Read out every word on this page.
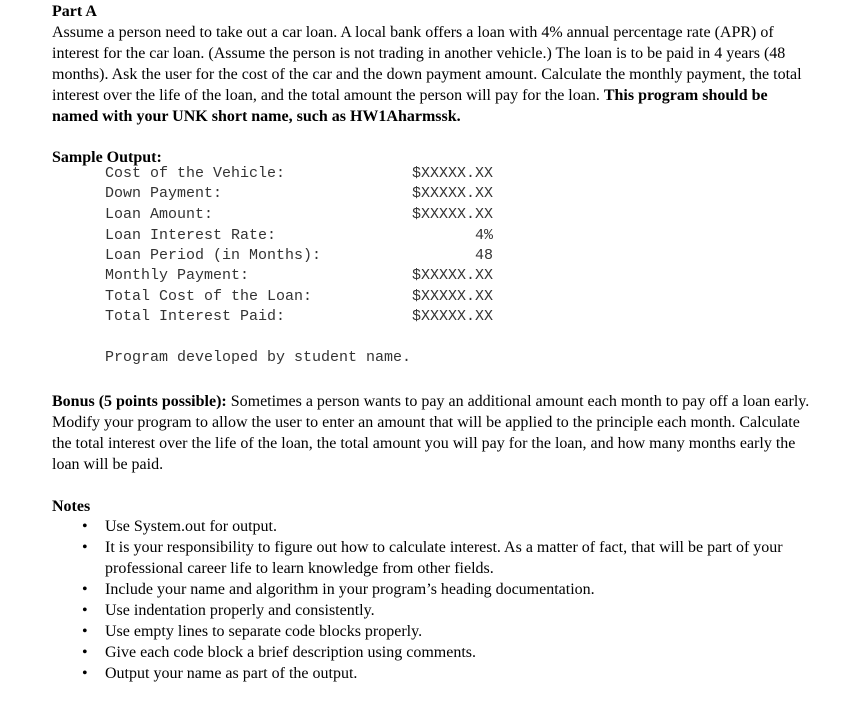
Part A
Assume a person need to take out a car loan. A local bank offers a loan with 4% annual percentage rate (APR) of interest for the car loan. (Assume the person is not trading in another vehicle.) The loan is to be paid in 4 years (48 months). Ask the user for the cost of the car and the down payment amount. Calculate the monthly payment, the total interest over the life of the loan, and the total amount the person will pay for the loan. This program should be named with your UNK short name, such as HW1Aharmssk.
Sample Output:
Cost of the Vehicle:	$XXXXX.XX
Down Payment:	$XXXXX.XX
Loan Amount:	$XXXXX.XX
Loan Interest Rate:	4%
Loan Period (in Months):	48
Monthly Payment:	$XXXXX.XX
Total Cost of the Loan:	$XXXXX.XX
Total Interest Paid:	$XXXXX.XX
Program developed by student name.
Bonus (5 points possible): Sometimes a person wants to pay an additional amount each month to pay off a loan early. Modify your program to allow the user to enter an amount that will be applied to the principle each month. Calculate the total interest over the life of the loan, the total amount you will pay for the loan, and how many months early the loan will be paid.
Notes
• Use System.out for output.
• It is your responsibility to figure out how to calculate interest. As a matter of fact, that will be part of your professional career life to learn knowledge from other fields.
• Include your name and algorithm in your program’s heading documentation.
• Use indentation properly and consistently.
• Use empty lines to separate code blocks properly.
• Give each code block a brief description using comments.
• Output your name as part of the output.
